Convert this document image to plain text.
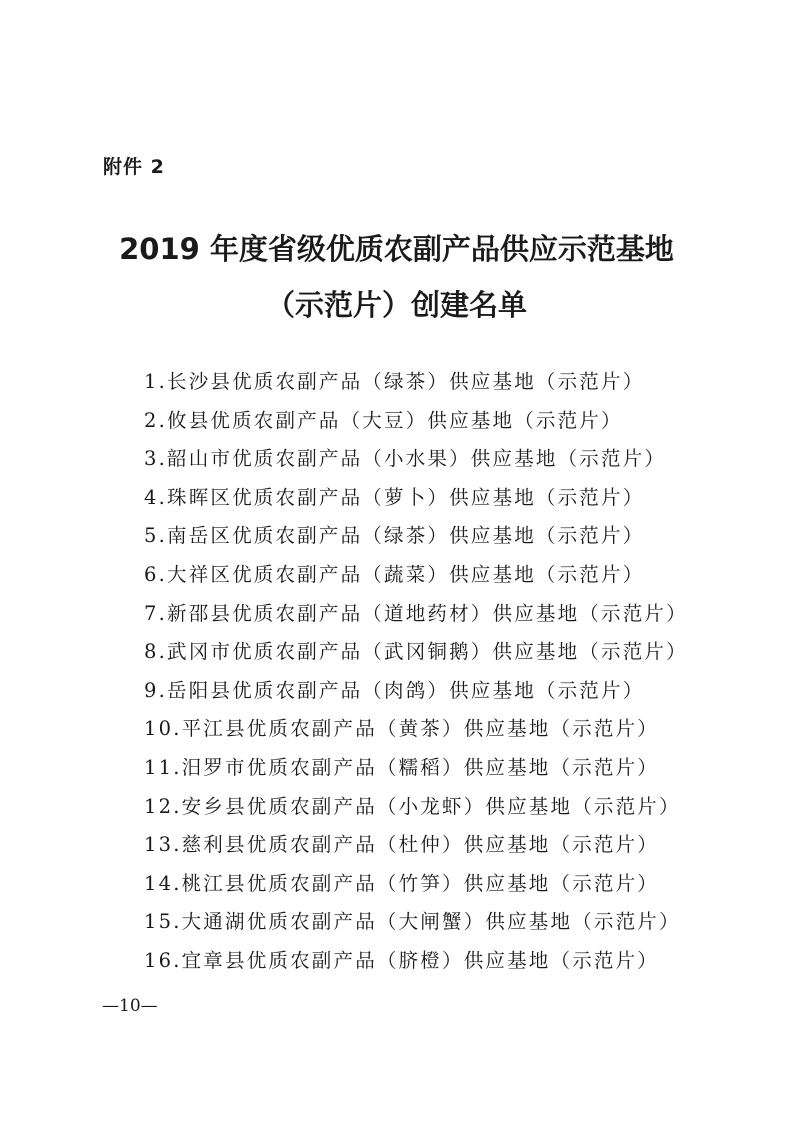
附件 2
2019 年度省级优质农副产品供应示范基地
（示范片）创建名单
1.长沙县优质农副产品（绿茶）供应基地（示范片）
2.攸县优质农副产品（大豆）供应基地（示范片）
3.韶山市优质农副产品（小水果）供应基地（示范片）
4.珠晖区优质农副产品（萝卜）供应基地（示范片）
5.南岳区优质农副产品（绿茶）供应基地（示范片）
6.大祥区优质农副产品（蔬菜）供应基地（示范片）
7.新邵县优质农副产品（道地药材）供应基地（示范片）
8.武冈市优质农副产品（武冈铜鹅）供应基地（示范片）
9.岳阳县优质农副产品（肉鸽）供应基地（示范片）
10.平江县优质农副产品（黄茶）供应基地（示范片）
11.汨罗市优质农副产品（糯稻）供应基地（示范片）
12.安乡县优质农副产品（小龙虾）供应基地（示范片）
13.慈利县优质农副产品（杜仲）供应基地（示范片）
14.桃江县优质农副产品（竹笋）供应基地（示范片）
15.大通湖优质农副产品（大闸蟹）供应基地（示范片）
16.宜章县优质农副产品（脐橙）供应基地（示范片）
—10—
